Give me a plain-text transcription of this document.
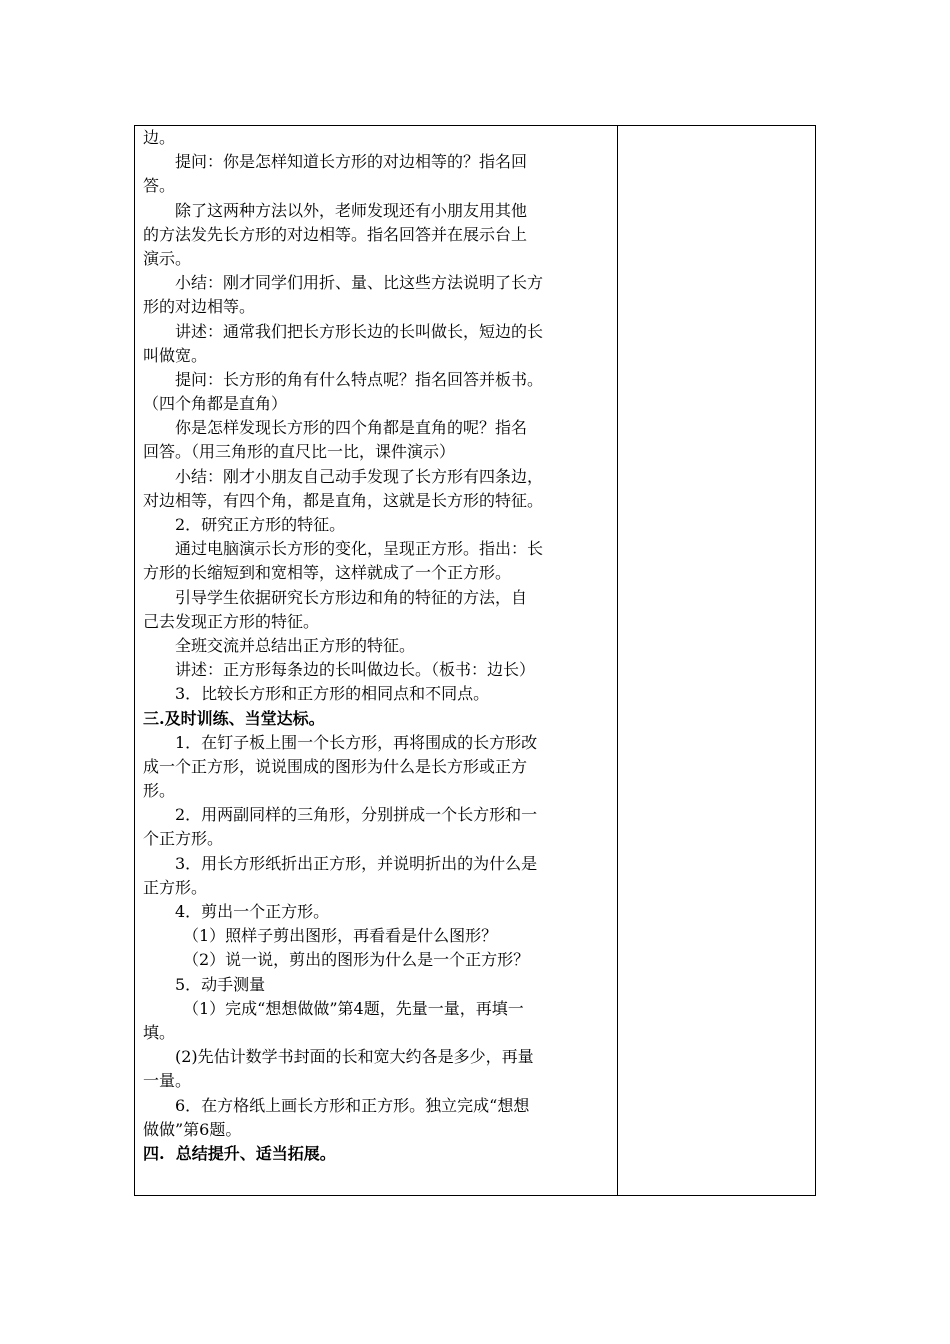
边。

提问：你是怎样知道长方形的对边相等的？指名回

答。

除了这两种方法以外，老师发现还有小朋友用其他

的方法发先长方形的对边相等。指名回答并在展示台上

演示。

小结：刚才同学们用折、量、比这些方法说明了长方

形的对边相等。

讲述：通常我们把长方形长边的长叫做长，短边的长

叫做宽。

提问：长方形的角有什么特点呢？指名回答并板书。

（四个角都是直角）

你是怎样发现长方形的四个角都是直角的呢？指名

回答。（用三角形的直尺比一比，课件演示）

小结：刚才小朋友自己动手发现了长方形有四条边，

对边相等，有四个角，都是直角，这就是长方形的特征。

2．研究正方形的特征。

通过电脑演示长方形的变化，呈现正方形。指出：长

方形的长缩短到和宽相等，这样就成了一个正方形。

引导学生依据研究长方形边和角的特征的方法，自

己去发现正方形的特征。

全班交流并总结出正方形的特征。

讲述：正方形每条边的长叫做边长。（板书：边长）

3．比较长方形和正方形的相同点和不同点。

三.及时训练、当堂达标。

1．在钉子板上围一个长方形，再将围成的长方形改

成一个正方形，说说围成的图形为什么是长方形或正方

形。

2．用两副同样的三角形，分别拼成一个长方形和一

个正方形。

3．用长方形纸折出正方形，并说明折出的为什么是

正方形。

4．剪出一个正方形。

（1）照样子剪出图形，再看看是什么图形？

（2）说一说，剪出的图形为什么是一个正方形？

5．动手测量

（1）完成“想想做做”第4题，先量一量，再填一

填。

(2)先估计数学书封面的长和宽大约各是多少，再量

一量。

6．在方格纸上画长方形和正方形。独立完成“想想

做做”第6题。

四.  总结提升、适当拓展。
